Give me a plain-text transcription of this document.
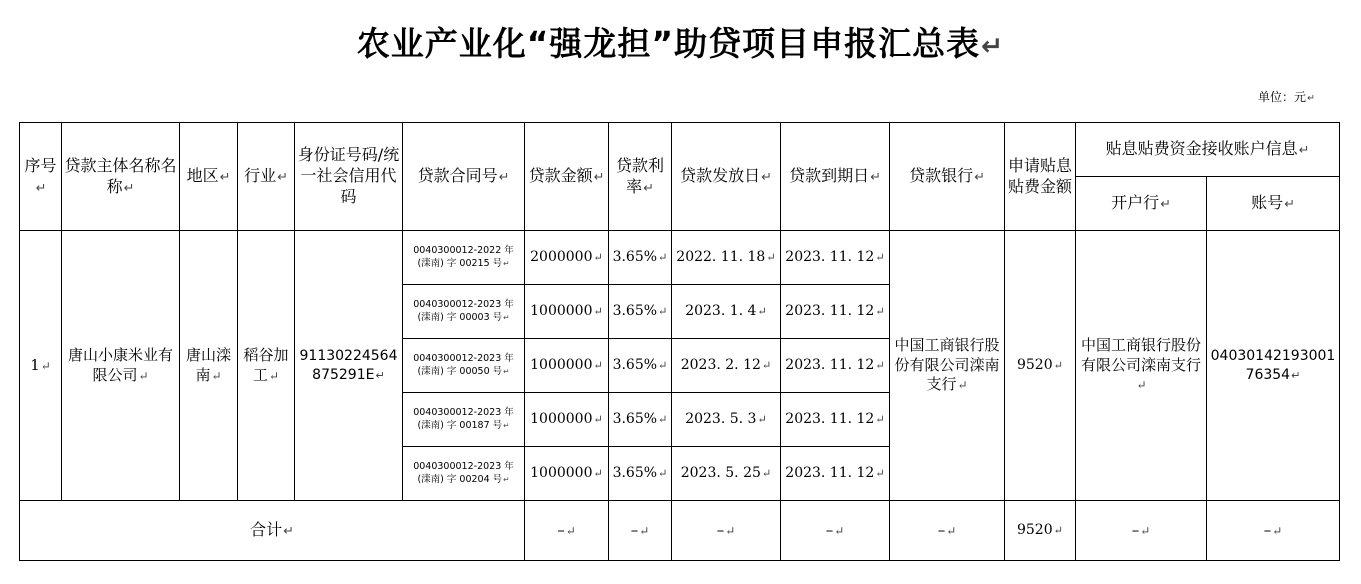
农业产业化“强龙担”助贷项目申报汇总表↵
单位：元↵
序号↵	贷款主体名称名称↵	地区↵	行业↵	身份证号码/统一社会信用代码	贷款合同号↵	贷款金额↵	贷款利率↵	贷款发放日↵	贷款到期日↵	贷款银行↵	申请贴息贴费金额	贴息贴费资金接收账户信息↵	
												开户行↵	账号↵
1↵	唐山小康米业有限公司↵	唐山滦南↵	稻谷加工↵	91130224564875291E↵	0040300012-2022 年
(滦南) 字 00215 号↵	2000000↵	3.65%↵	2022. 11. 18↵	2023. 11. 12↵	中国工商银行股份有限公司滦南支行↵	9520↵	中国工商银行股份有限公司滦南支行↵	0403014219300176354↵
					0040300012-2023 年
(滦南) 字 00003 号↵	1000000↵	3.65%↵	2023. 1. 4↵	2023. 11. 12↵				
					0040300012-2023 年
(滦南) 字 00050 号↵	1000000↵	3.65%↵	2023. 2. 12↵	2023. 11. 12↵				
					0040300012-2023 年
(滦南) 字 00187 号↵	1000000↵	3.65%↵	2023. 5. 3↵	2023. 11. 12↵				
					0040300012-2023 年
(滦南) 字 00204 号↵	1000000↵	3.65%↵	2023. 5. 25↵	2023. 11. 12↵				
合计↵						–↵	–↵	–↵	–↵	–↵	9520↵	–↵	–↵
